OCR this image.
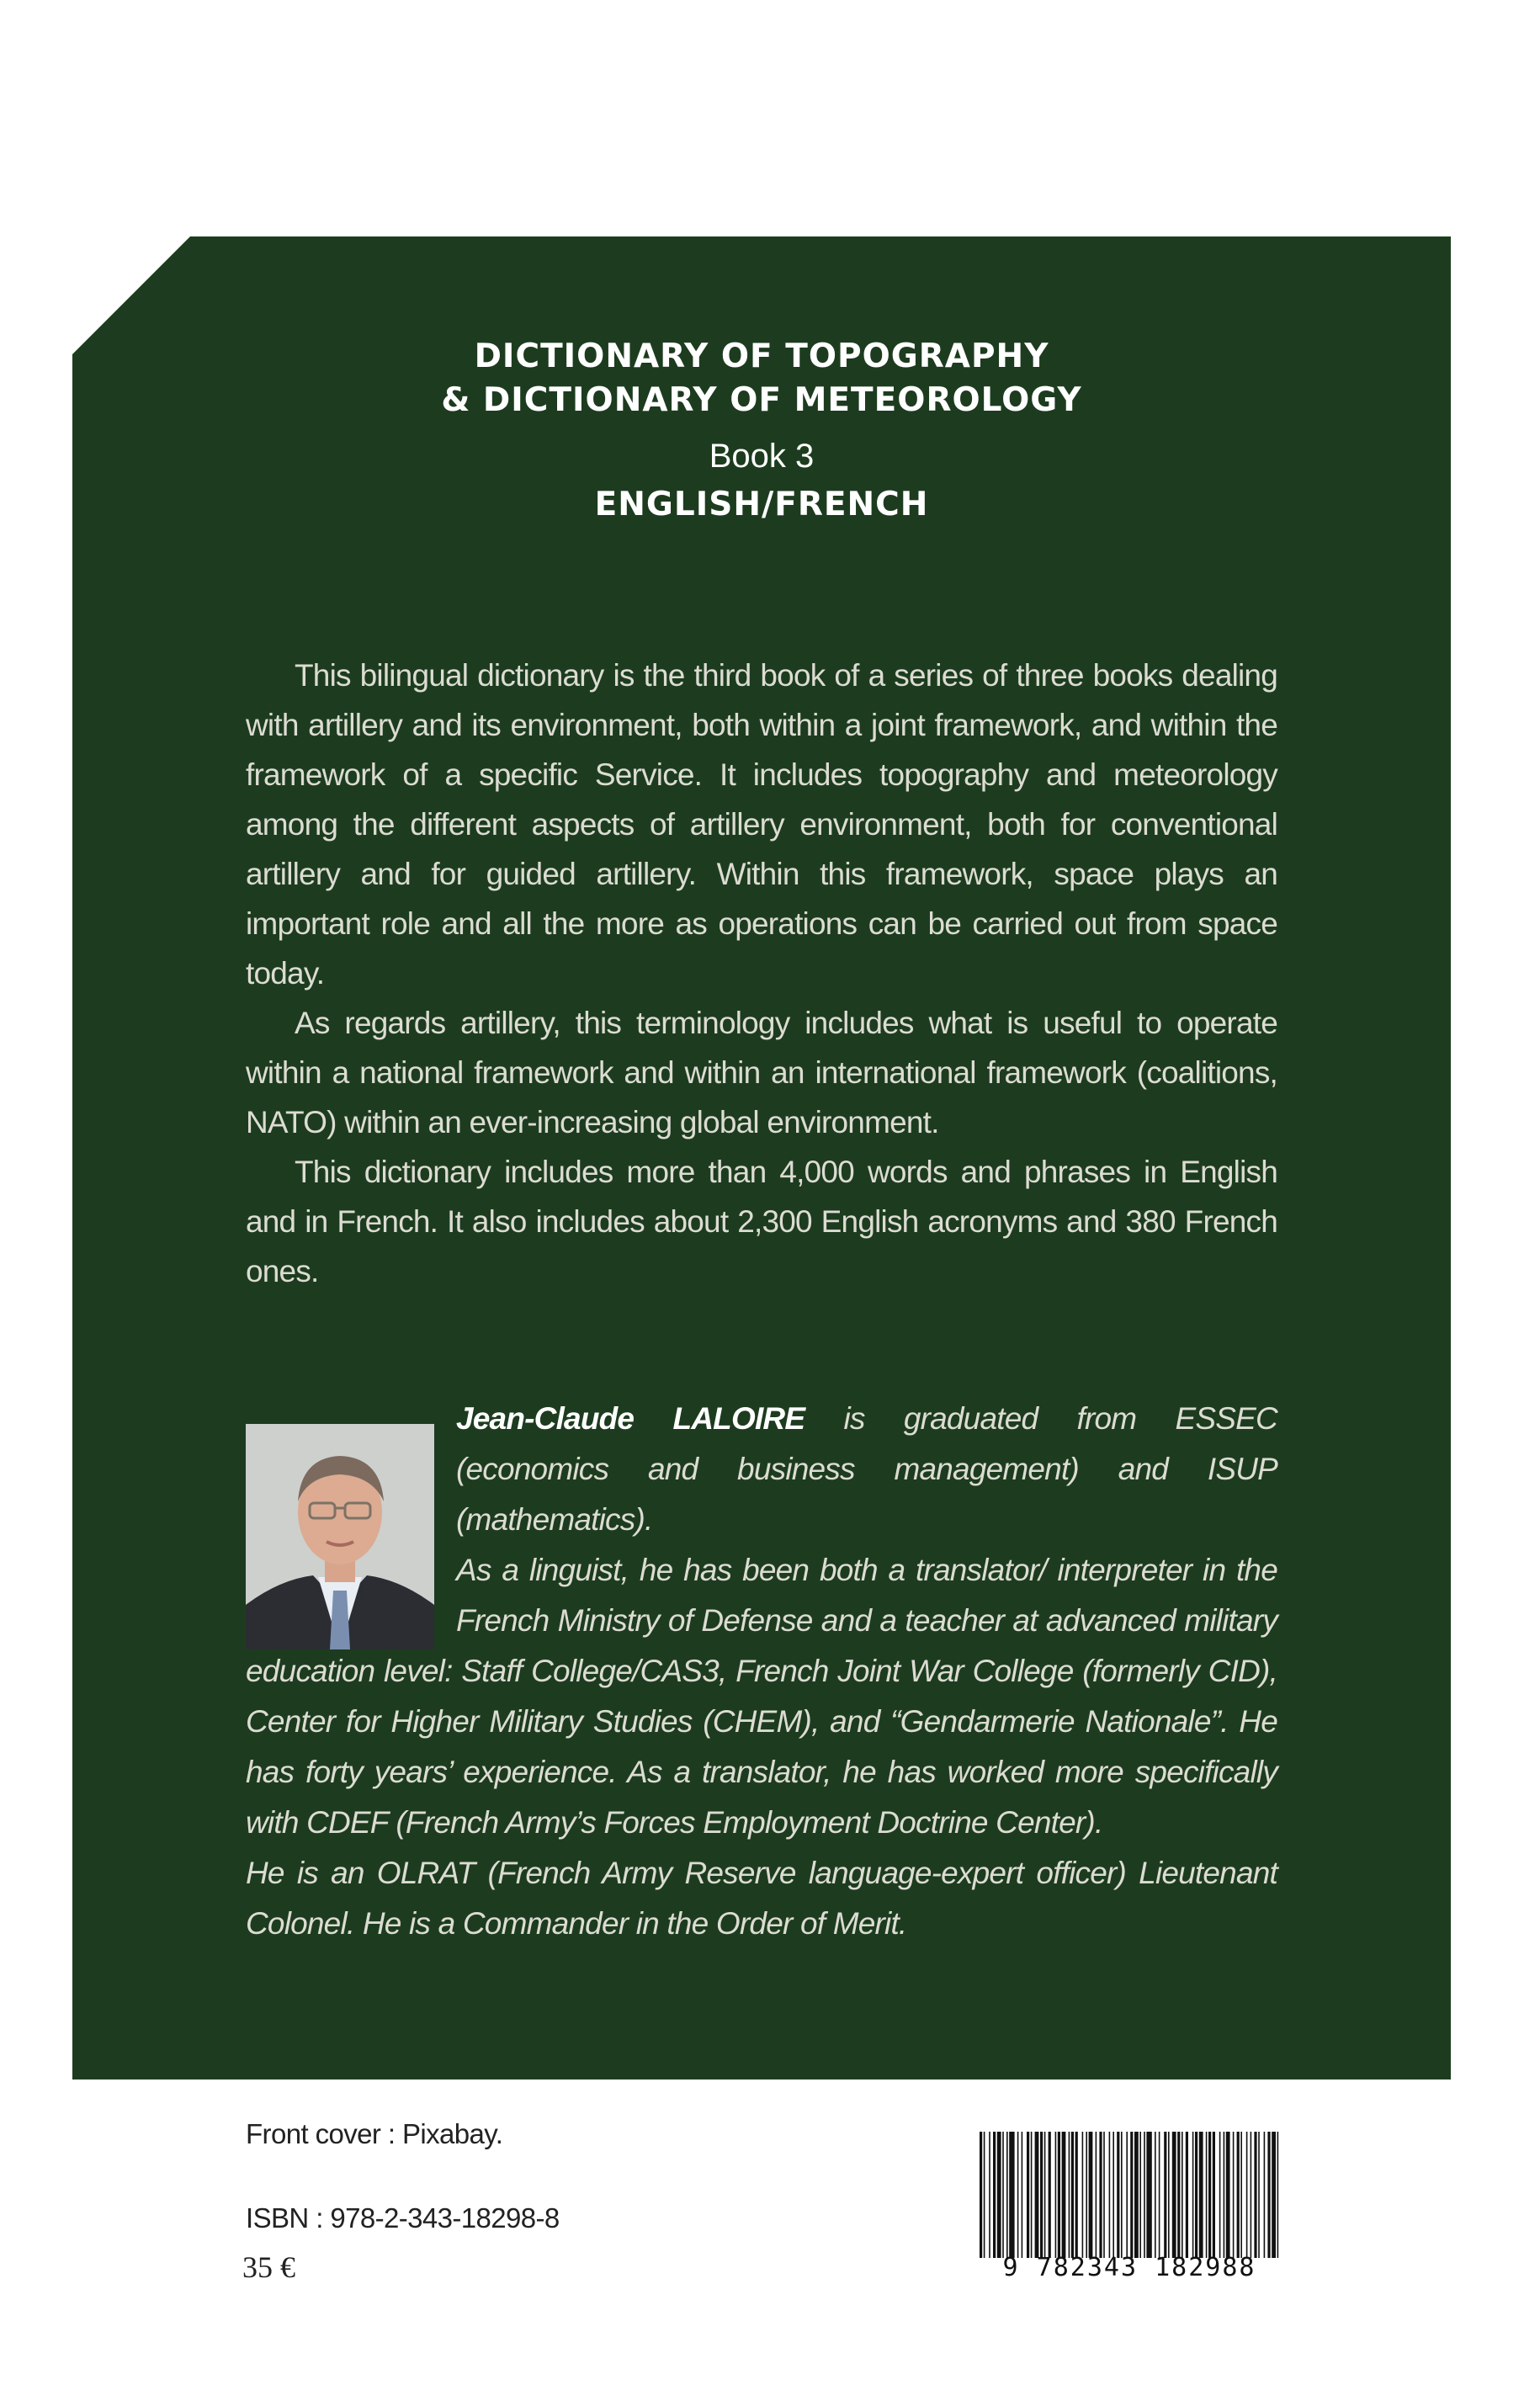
DICTIONARY OF TOPOGRAPHY
& DICTIONARY OF METEOROLOGY
Book 3
ENGLISH/FRENCH

This bilingual dictionary is the third book of a series of three books dealing with artillery and its environment, both within a joint framework, and within the framework of a specific Service. It includes topography and meteorology among the different aspects of artillery environment, both for conventional artillery and for guided artillery. Within this framework, space plays an important role and all the more as operations can be carried out from space today.

As regards artillery, this terminology includes what is useful to operate within a national framework and within an international framework (coalitions, NATO) within an ever-increasing global environment.

This dictionary includes more than 4,000 words and phrases in English and in French. It also includes about 2,300 English acronyms and 380 French ones.

Jean-Claude LALOIRE is graduated from ESSEC (economics and business management) and ISUP (mathematics).

As a linguist, he has been both a translator/ interpreter in the French Ministry of Defense and a teacher at advanced military education level: Staff College/CAS3, French Joint War College (formerly CID), Center for Higher Military Studies (CHEM), and “Gendarmerie Nationale”. He has forty years’ experience. As a translator, he has worked more specifically with CDEF (French Army’s Forces Employment Doctrine Center).

He is an OLRAT (French Army Reserve language-expert officer) Lieutenant Colonel. He is a Commander in the Order of Merit.

Front cover : Pixabay.
ISBN : 978-2-343-18298-8
35 €	9 782343 182988
